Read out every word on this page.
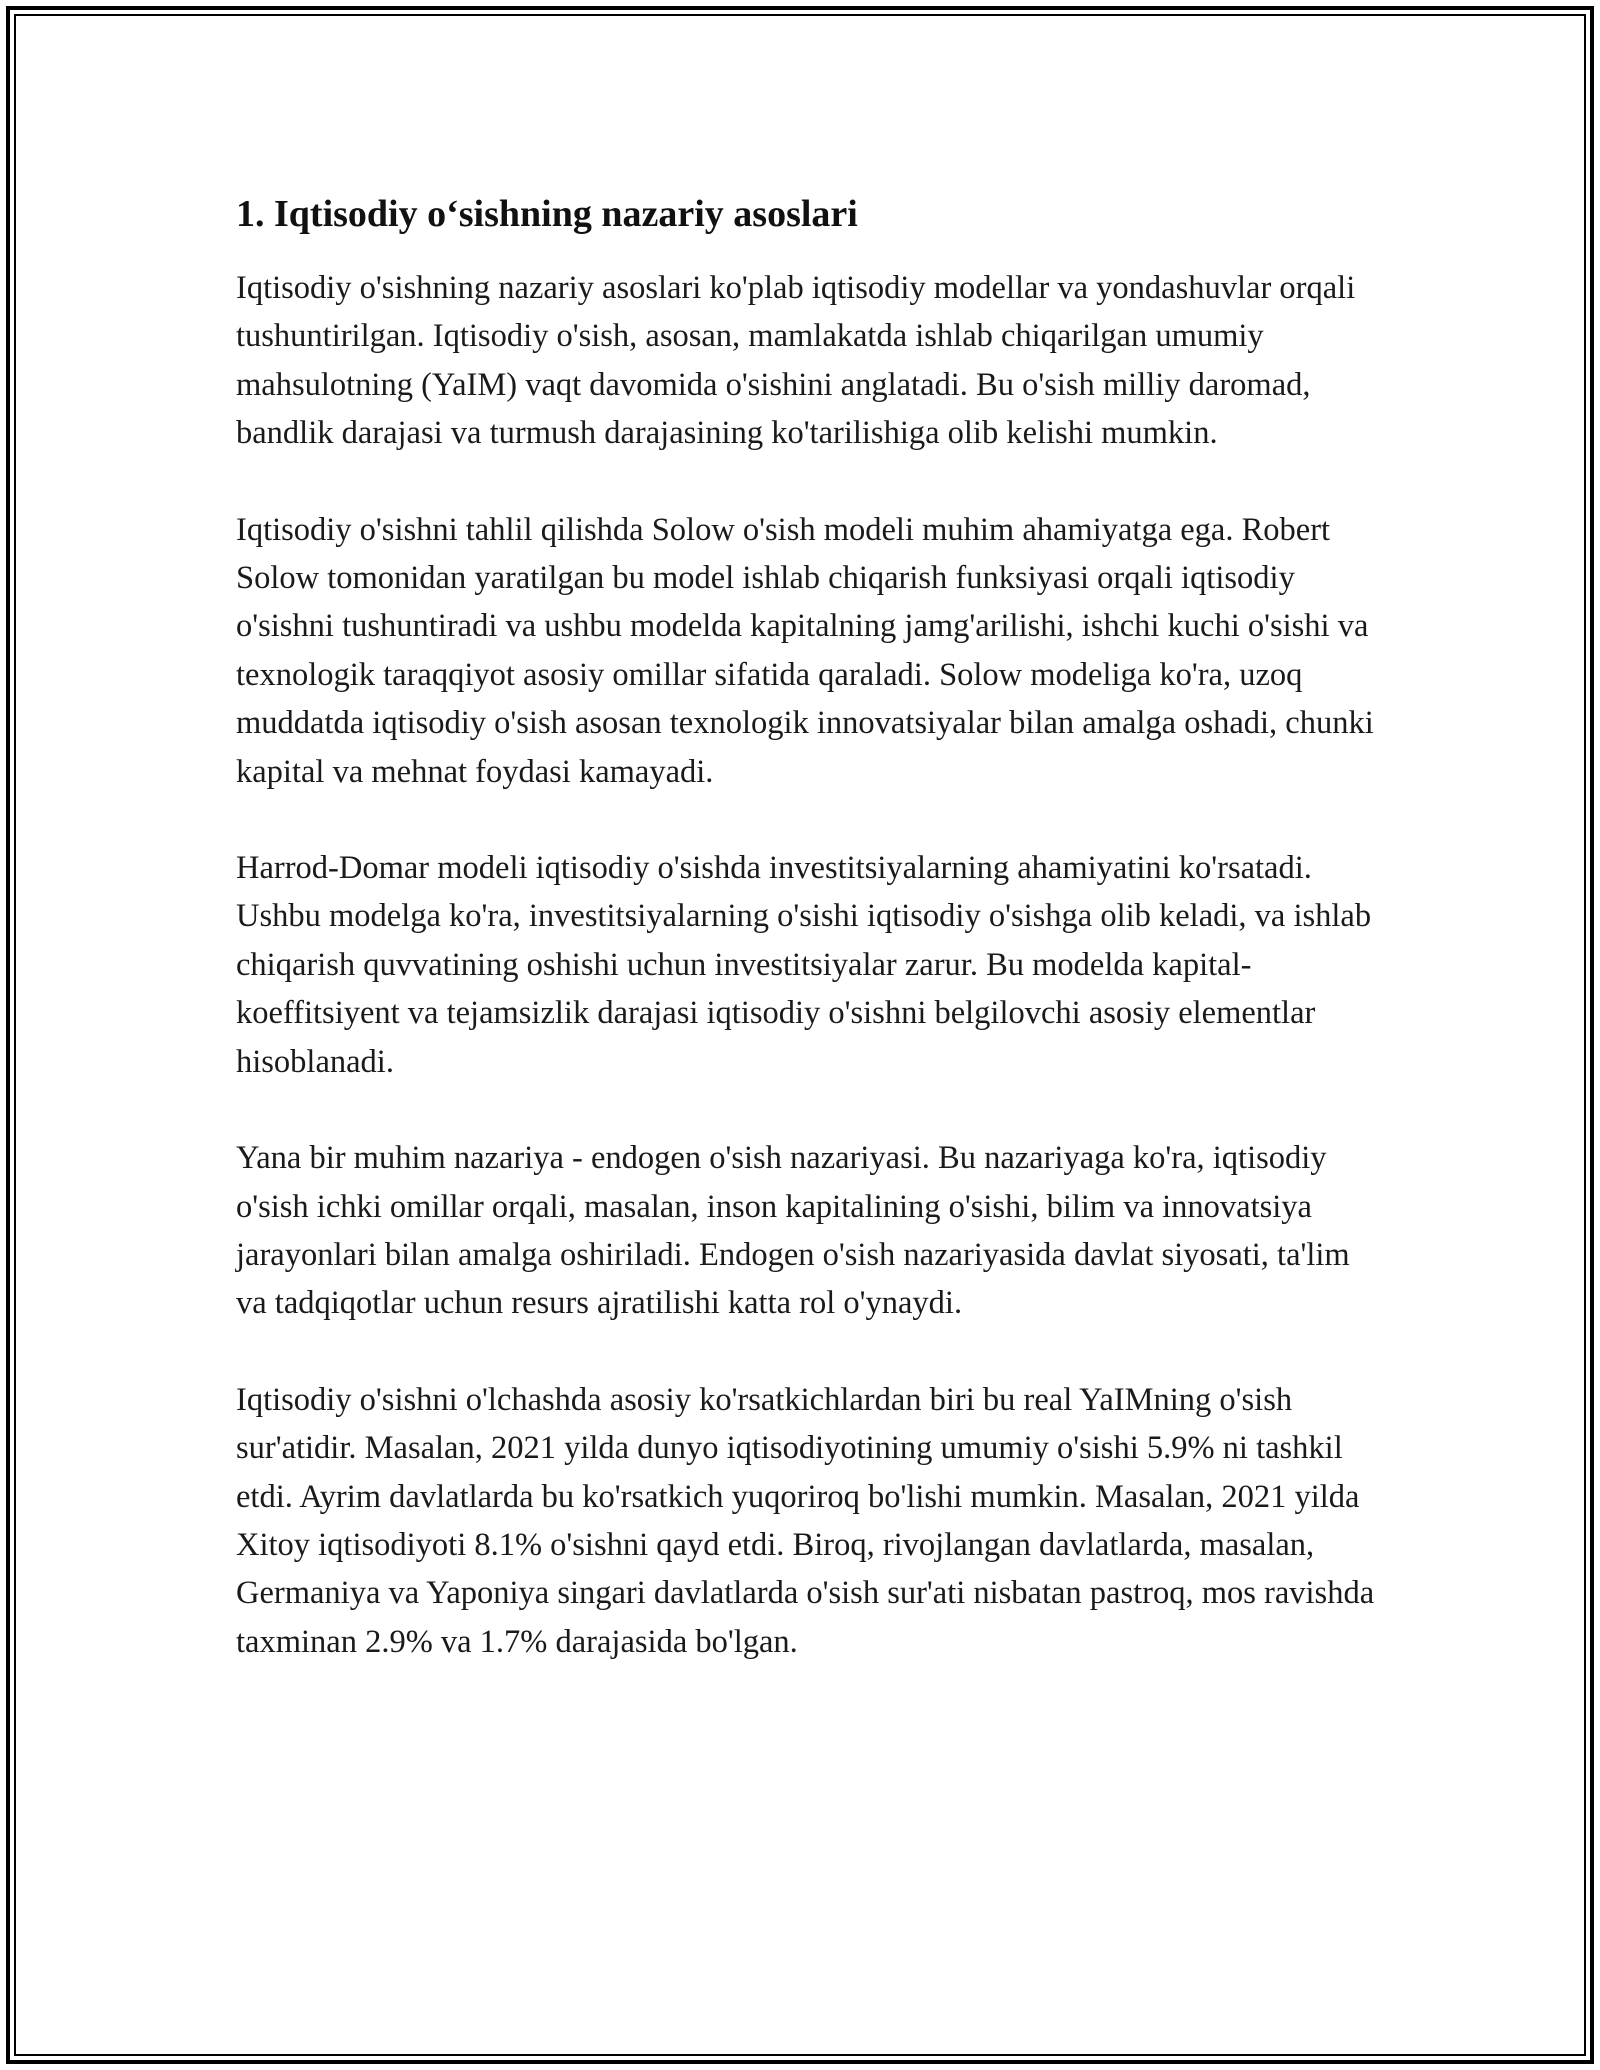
1. Iqtisodiy o‘sishning nazariy asoslari

Iqtisodiy o'sishning nazariy asoslari ko'plab iqtisodiy modellar va yondashuvlar orqali tushuntirilgan. Iqtisodiy o'sish, asosan, mamlakatda ishlab chiqarilgan umumiy mahsulotning (YaIM) vaqt davomida o'sishini anglatadi. Bu o'sish milliy daromad, bandlik darajasi va turmush darajasining ko'tarilishiga olib kelishi mumkin.

Iqtisodiy o'sishni tahlil qilishda Solow o'sish modeli muhim ahamiyatga ega. Robert Solow tomonidan yaratilgan bu model ishlab chiqarish funksiyasi orqali iqtisodiy o'sishni tushuntiradi va ushbu modelda kapitalning jamg'arilishi, ishchi kuchi o'sishi va texnologik taraqqiyot asosiy omillar sifatida qaraladi. Solow modeliga ko'ra, uzoq muddatda iqtisodiy o'sish asosan texnologik innovatsiyalar bilan amalga oshadi, chunki kapital va mehnat foydasi kamayadi.

Harrod-Domar modeli iqtisodiy o'sishda investitsiyalarning ahamiyatini ko'rsatadi. Ushbu modelga ko'ra, investitsiyalarning o'sishi iqtisodiy o'sishga olib keladi, va ishlab chiqarish quvvatining oshishi uchun investitsiyalar zarur. Bu modelda kapital-koeffitsiyent va tejamsizlik darajasi iqtisodiy o'sishni belgilovchi asosiy elementlar hisoblanadi.

Yana bir muhim nazariya - endogen o'sish nazariyasi. Bu nazariyaga ko'ra, iqtisodiy o'sish ichki omillar orqali, masalan, inson kapitalining o'sishi, bilim va innovatsiya jarayonlari bilan amalga oshiriladi. Endogen o'sish nazariyasida davlat siyosati, ta'lim va tadqiqotlar uchun resurs ajratilishi katta rol o'ynaydi.

Iqtisodiy o'sishni o'lchashda asosiy ko'rsatkichlardan biri bu real YaIMning o'sish sur'atidir. Masalan, 2021 yilda dunyo iqtisodiyotining umumiy o'sishi 5.9% ni tashkil etdi. Ayrim davlatlarda bu ko'rsatkich yuqoriroq bo'lishi mumkin. Masalan, 2021 yilda Xitoy iqtisodiyoti 8.1% o'sishni qayd etdi. Biroq, rivojlangan davlatlarda, masalan, Germaniya va Yaponiya singari davlatlarda o'sish sur'ati nisbatan pastroq, mos ravishda taxminan 2.9% va 1.7% darajasida bo'lgan.
